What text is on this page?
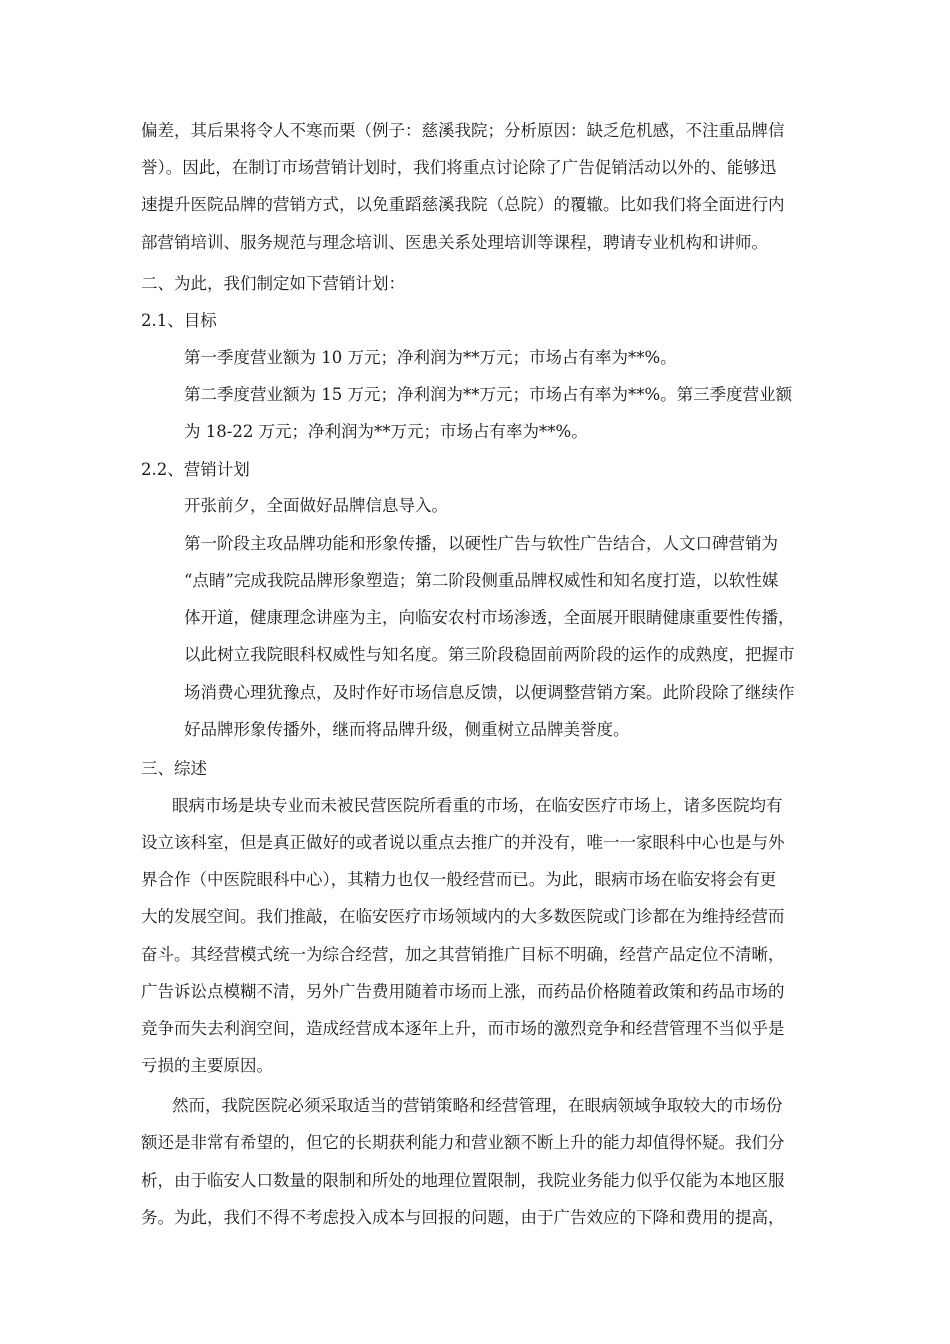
偏差，其后果将令人不寒而栗（例子：慈溪我院；分析原因：缺乏危机感，不注重品牌信
誉）。因此，在制订市场营销计划时，我们将重点讨论除了广告促销活动以外的、能够迅
速提升医院品牌的营销方式，以免重蹈慈溪我院（总院）的覆辙。比如我们将全面进行内
部营销培训、服务规范与理念培训、医患关系处理培训等课程，聘请专业机构和讲师。
二、为此，我们制定如下营销计划：
2.1、目标
第一季度营业额为 10 万元；净利润为**万元；市场占有率为**%。
第二季度营业额为 15 万元；净利润为**万元；市场占有率为**%。第三季度营业额
为 18-22 万元；净利润为**万元；市场占有率为**%。
2.2、营销计划
开张前夕，全面做好品牌信息导入。
第一阶段主攻品牌功能和形象传播，以硬性广告与软性广告结合，人文口碑营销为
“点睛”完成我院品牌形象塑造；第二阶段侧重品牌权威性和知名度打造，以软性媒
体开道，健康理念讲座为主，向临安农村市场渗透，全面展开眼睛健康重要性传播，
以此树立我院眼科权威性与知名度。第三阶段稳固前两阶段的运作的成熟度，把握市
场消费心理犹豫点，及时作好市场信息反馈，以便调整营销方案。此阶段除了继续作
好品牌形象传播外，继而将品牌升级，侧重树立品牌美誉度。
三、综述
眼病市场是块专业而未被民营医院所看重的市场，在临安医疗市场上，诸多医院均有
设立该科室，但是真正做好的或者说以重点去推广的并没有，唯一一家眼科中心也是与外
界合作（中医院眼科中心），其精力也仅一般经营而已。为此，眼病市场在临安将会有更
大的发展空间。我们推敲，在临安医疗市场领域内的大多数医院或门诊都在为维持经营而
奋斗。其经营模式统一为综合经营，加之其营销推广目标不明确，经营产品定位不清晰，
广告诉讼点模糊不清，另外广告费用随着市场而上涨，而药品价格随着政策和药品市场的
竞争而失去利润空间，造成经营成本逐年上升，而市场的激烈竞争和经营管理不当似乎是
亏损的主要原因。
然而，我院医院必须采取适当的营销策略和经营管理，在眼病领域争取较大的市场份
额还是非常有希望的，但它的长期获利能力和营业额不断上升的能力却值得怀疑。我们分
析，由于临安人口数量的限制和所处的地理位置限制，我院业务能力似乎仅能为本地区服
务。为此，我们不得不考虑投入成本与回报的问题，由于广告效应的下降和费用的提高，
